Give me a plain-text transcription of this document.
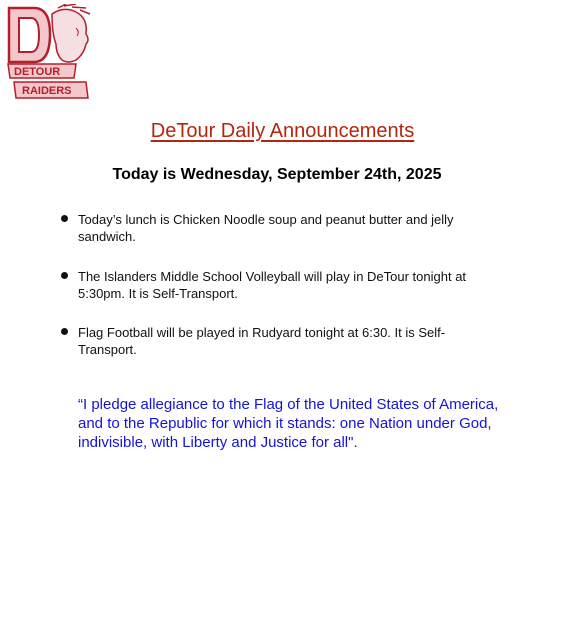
DETOUR
RAIDERS
DeTour Daily Announcements
Today is Wednesday, September 24th, 2025
Today’s lunch is Chicken Noodle soup and peanut butter and jelly sandwich.
The Islanders Middle School Volleyball will play in DeTour tonight at 5:30pm. It is Self-Transport.
Flag Football will be played in Rudyard tonight at 6:30. It is Self-Transport.
“I pledge allegiance to the Flag of the United States of America, and to the Republic for which it stands: one Nation under God, indivisible, with Liberty and Justice for all".
